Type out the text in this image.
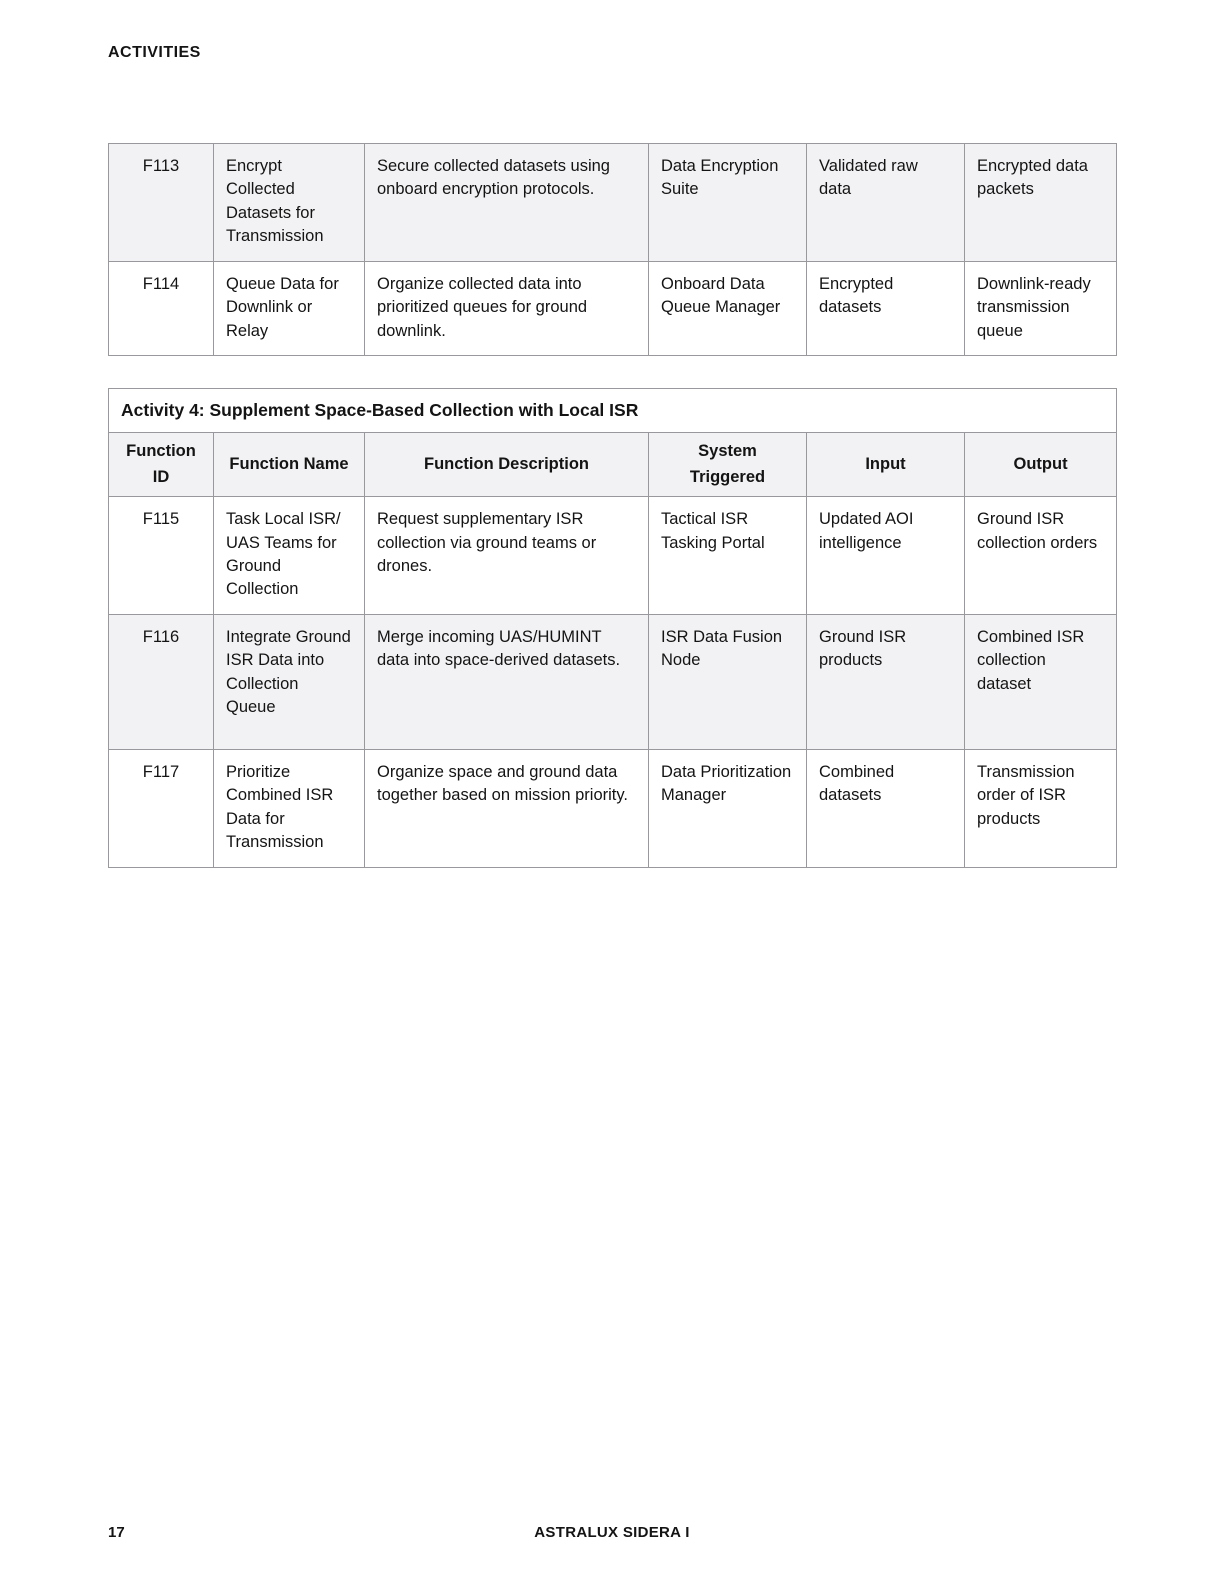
ACTIVITIES
F113	Encrypt Collected Datasets for Transmission	Secure collected datasets using onboard encryption protocols.	Data Encryption Suite	Validated raw data	Encrypted data packets
F114	Queue Data for Downlink or Relay	Organize collected data into prioritized queues for ground downlink.	Onboard Data Queue Manager	Encrypted datasets	Downlink-ready transmission queue
Activity 4: Supplement Space-Based Collection with Local ISR					
Function ID	Function Name	Function Description	System Triggered	Input	Output
F115	Task Local ISR/ UAS Teams for Ground Collection	Request supplementary ISR collection via ground teams or drones.	Tactical ISR Tasking Portal	Updated AOI intelligence	Ground ISR collection orders
F116	Integrate Ground ISR Data into Collection Queue	Merge incoming UAS/HUMINT data into space-derived datasets.	ISR Data Fusion Node	Ground ISR products	Combined ISR collection dataset
F117	Prioritize Combined ISR Data for Transmission	Organize space and ground data together based on mission priority.	Data Prioritization Manager	Combined datasets	Transmission order of ISR products
17	ASTRALUX SIDERA I
